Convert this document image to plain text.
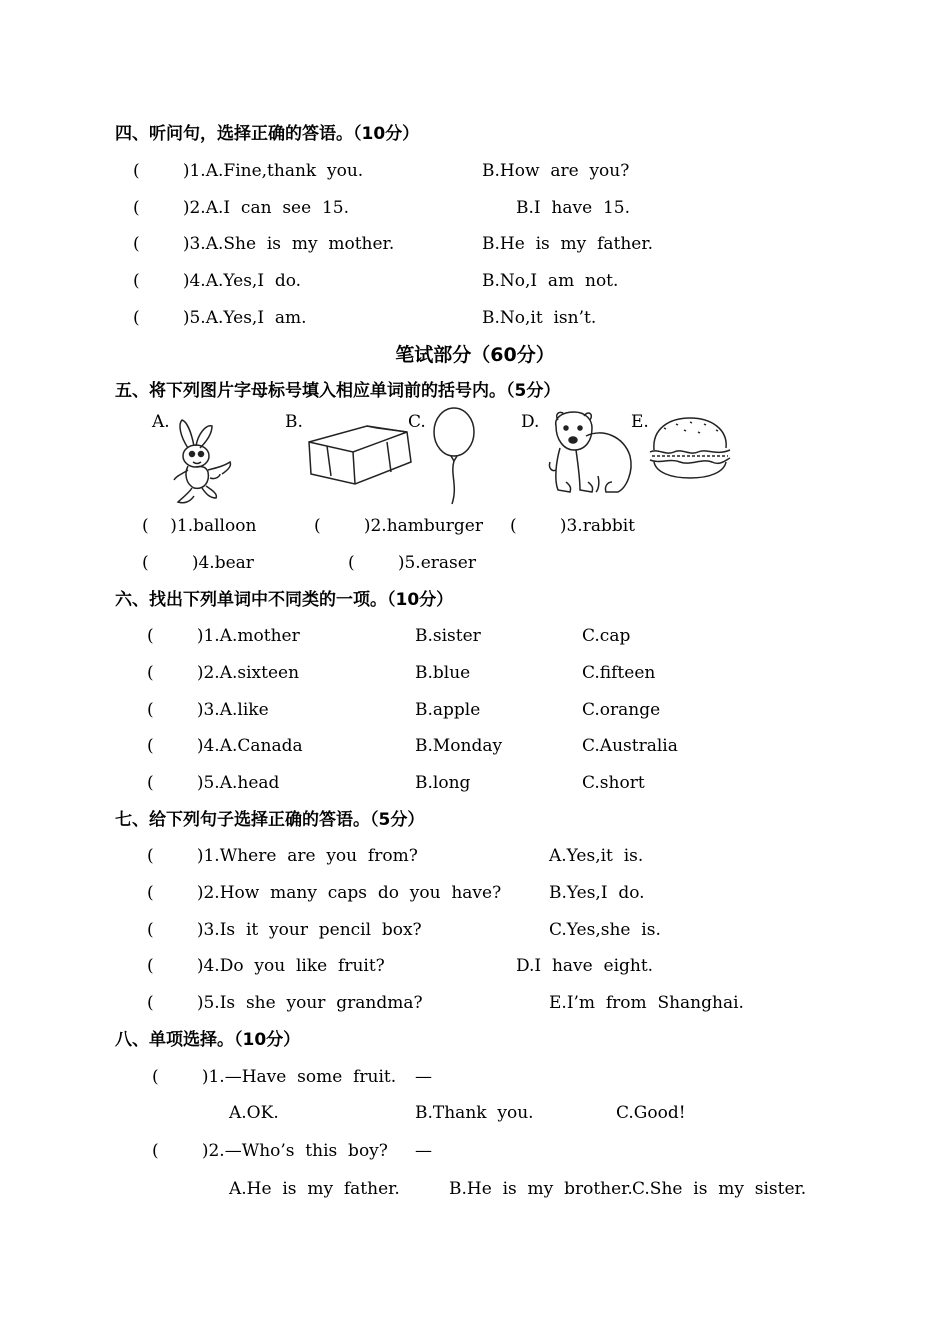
四、听问句，选择正确的答语。（10分）
(        )1.A.Fine,thank  you.	B.How  are  you?
(        )2.A.I  can  see  15.	B.I  have  15.
(        )3.A.She  is  my  mother.	B.He  is  my  father.
(        )4.A.Yes,I  do.	B.No,I  am  not.
(        )5.A.Yes,I  am.	B.No,it  isn’t.
笔试部分（60分）
五、将下列图片字母标号填入相应单词前的括号内。（5分）
A.	B.	C.	D.	E.
(    )1.balloon	(        )2.hamburger (        )3.rabbit
(        )4.bear	(        )5.eraser
六、找出下列单词中不同类的一项。（10分）
(        )1.A.mother	B.sister	C.cap
(        )2.A.sixteen	B.blue	C.fifteen
(        )3.A.like	B.apple	C.orange
(        )4.A.Canada	B.Monday	C.Australia
(        )5.A.head	B.long	C.short
七、给下列句子选择正确的答语。（5分）
(        )1.Where  are  you  from?	A.Yes,it  is.
(        )2.How  many  caps  do  you  have?	B.Yes,I  do.
(        )3.Is  it  your  pencil  box?	C.Yes,she  is.
(        )4.Do  you  like  fruit?	D.I  have  eight.
(        )5.Is  she  your  grandma?	E.I’m  from  Shanghai.
八、单项选择。（10分）
(        )1.—Have  some  fruit. —
A.OK.	B.Thank  you.	C.Good!
(        )2.—Who’s  this  boy? —
A.He  is  my  father.	B.He  is  my  brother. C.She  is  my  sister.
